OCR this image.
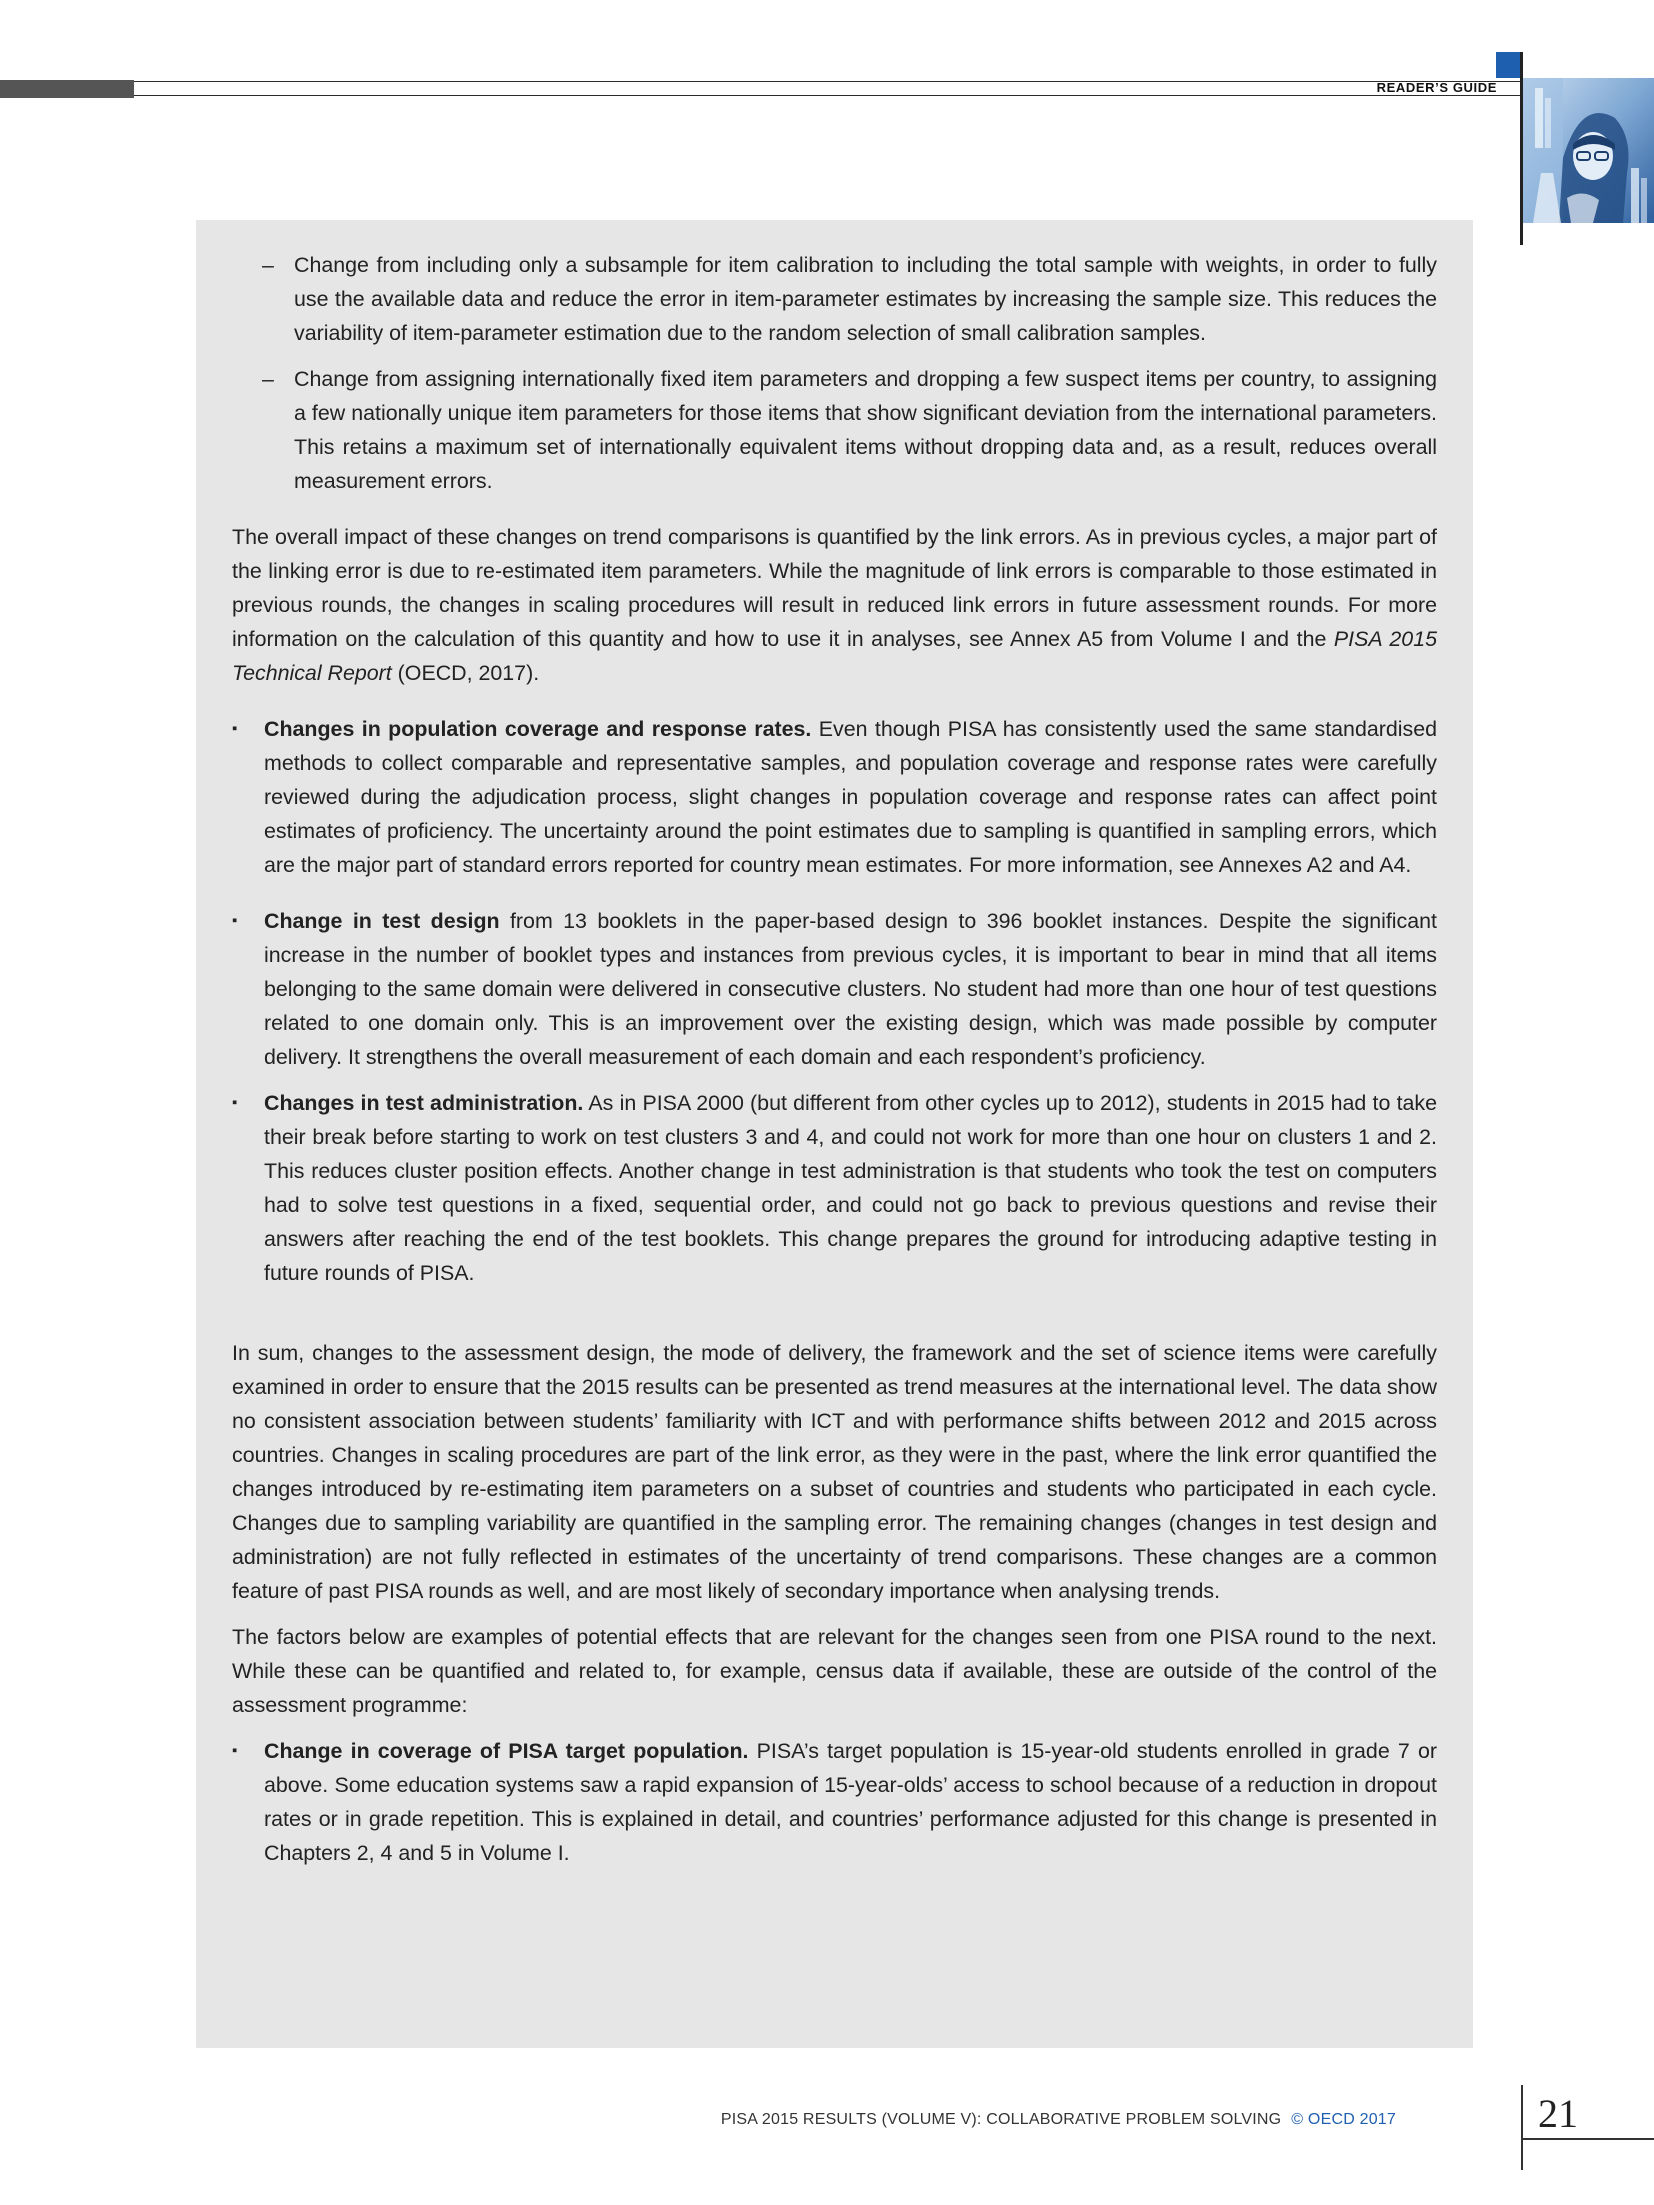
READER’S GUIDE
– Change from including only a subsample for item calibration to including the total sample with weights, in order to fully use the available data and reduce the error in item-parameter estimates by increasing the sample size. This reduces the variability of item-parameter estimation due to the random selection of small calibration samples.
– Change from assigning internationally fixed item parameters and dropping a few suspect items per country, to assigning a few nationally unique item parameters for those items that show significant deviation from the international parameters. This retains a maximum set of internationally equivalent items without dropping data and, as a result, reduces overall measurement errors.

The overall impact of these changes on trend comparisons is quantified by the link errors. As in previous cycles, a major part of the linking error is due to re-estimated item parameters. While the magnitude of link errors is comparable to those estimated in previous rounds, the changes in scaling procedures will result in reduced link errors in future assessment rounds. For more information on the calculation of this quantity and how to use it in analyses, see Annex A5 from Volume I and the PISA 2015 Technical Report (OECD, 2017).

▪ Changes in population coverage and response rates. Even though PISA has consistently used the same standardised methods to collect comparable and representative samples, and population coverage and response rates were carefully reviewed during the adjudication process, slight changes in population coverage and response rates can affect point estimates of proficiency. The uncertainty around the point estimates due to sampling is quantified in sampling errors, which are the major part of standard errors reported for country mean estimates. For more information, see Annexes A2 and A4.
▪ Change in test design from 13 booklets in the paper-based design to 396 booklet instances. Despite the significant increase in the number of booklet types and instances from previous cycles, it is important to bear in mind that all items belonging to the same domain were delivered in consecutive clusters. No student had more than one hour of test questions related to one domain only. This is an improvement over the existing design, which was made possible by computer delivery. It strengthens the overall measurement of each domain and each respondent’s proficiency.
▪ Changes in test administration. As in PISA 2000 (but different from other cycles up to 2012), students in 2015 had to take their break before starting to work on test clusters 3 and 4, and could not work for more than one hour on clusters 1 and 2. This reduces cluster position effects. Another change in test administration is that students who took the test on computers had to solve test questions in a fixed, sequential order, and could not go back to previous questions and revise their answers after reaching the end of the test booklets. This change prepares the ground for introducing adaptive testing in future rounds of PISA.

In sum, changes to the assessment design, the mode of delivery, the framework and the set of science items were carefully examined in order to ensure that the 2015 results can be presented as trend measures at the international level. The data show no consistent association between students’ familiarity with ICT and with performance shifts between 2012 and 2015 across countries. Changes in scaling procedures are part of the link error, as they were in the past, where the link error quantified the changes introduced by re-estimating item parameters on a subset of countries and students who participated in each cycle. Changes due to sampling variability are quantified in the sampling error. The remaining changes (changes in test design and administration) are not fully reflected in estimates of the uncertainty of trend comparisons. These changes are a common feature of past PISA rounds as well, and are most likely of secondary importance when analysing trends.

The factors below are examples of potential effects that are relevant for the changes seen from one PISA round to the next. While these can be quantified and related to, for example, census data if available, these are outside of the control of the assessment programme:

▪ Change in coverage of PISA target population. PISA’s target population is 15-year-old students enrolled in grade 7 or above. Some education systems saw a rapid expansion of 15-year-olds’ access to school because of a reduction in dropout rates or in grade repetition. This is explained in detail, and countries’ performance adjusted for this change is presented in Chapters 2, 4 and 5 in Volume I.
PISA 2015 RESULTS (VOLUME V): COLLABORATIVE PROBLEM SOLVING © OECD 2017	21
